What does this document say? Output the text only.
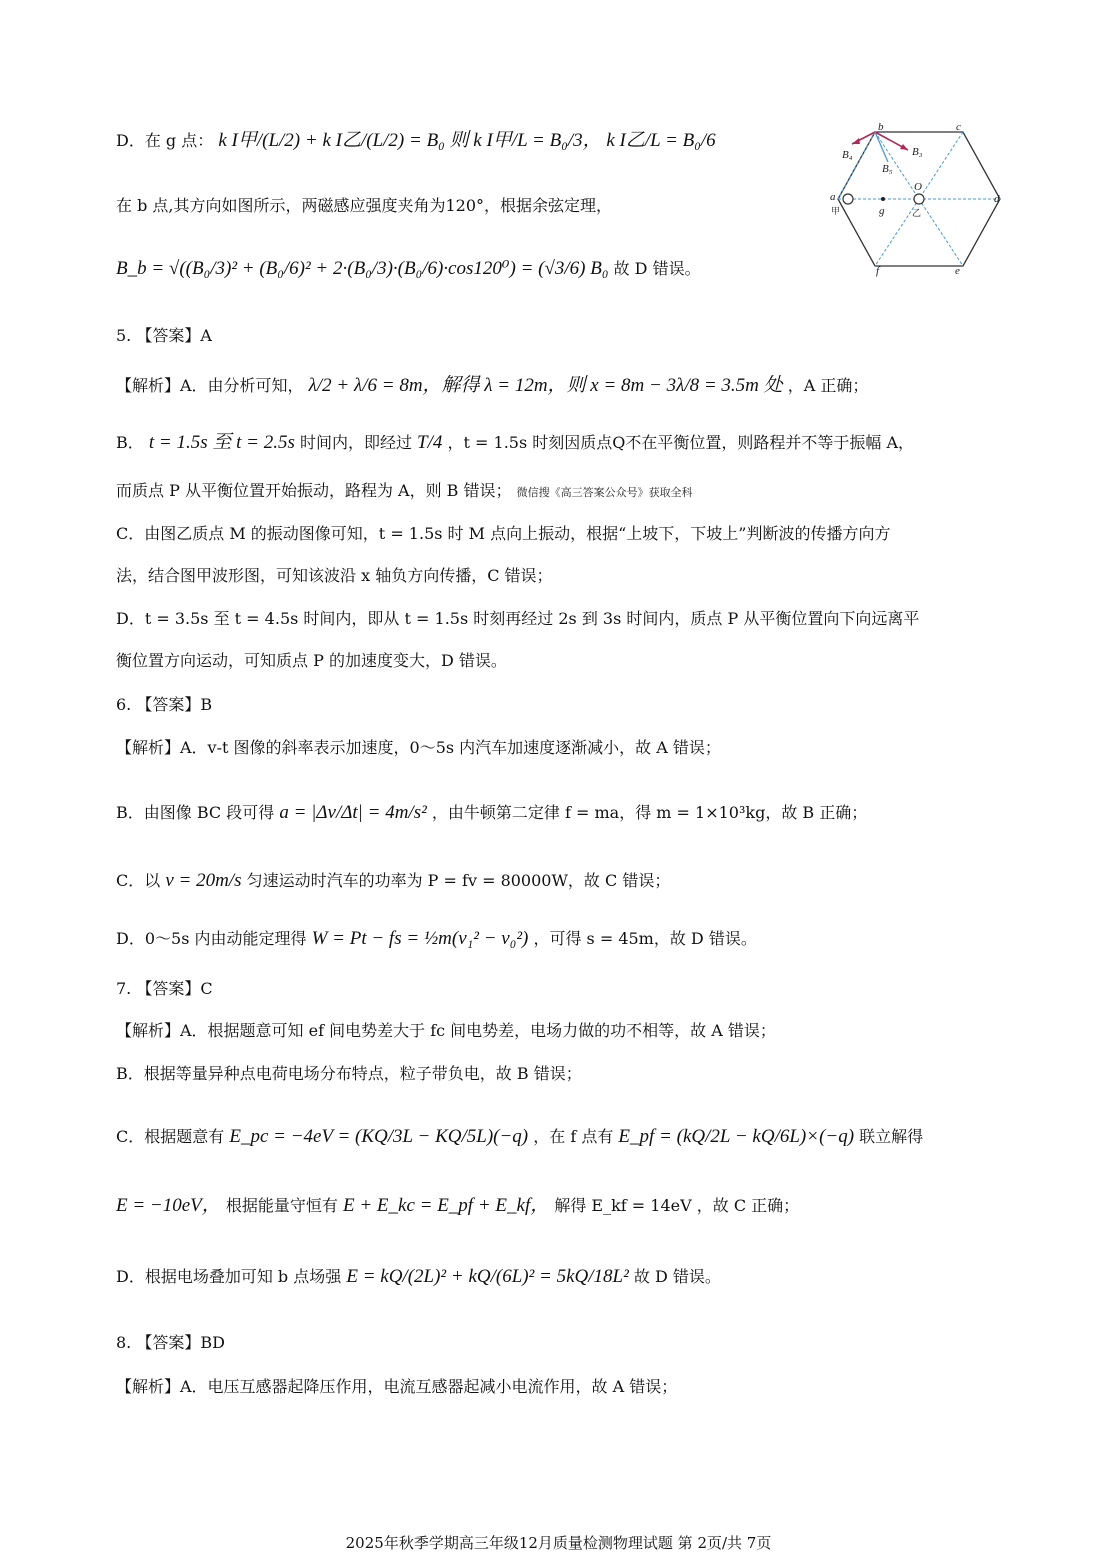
D．在 g 点： k I甲/(L/2) + k I乙/(L/2) = B₀ 则 k I甲/L = B₀/3， k I乙/L = B₀/6
在 b 点,其方向如图所示，两磁感应强度夹角为120°，根据余弦定理，
B_b = √((B₀/3)² + (B₀/6)² + 2·(B₀/3)·(B₀/6)·cos120⁰) = (√3/6) B₀ 故 D 错误。
5. 【答案】A
【解析】A．由分析可知， λ/2 + λ/6 = 8m，解得 λ = 12m，则 x = 8m − 3λ/8 = 3.5m 处 ，A 正确；
B． t = 1.5s 至 t = 2.5s 时间内，即经过 T/4 ，t = 1.5s 时刻因质点Q不在平衡位置，则路程并不等于振幅 A，
而质点 P 从平衡位置开始振动，路程为 A，则 B 错误； 微信搜《高三答案公众号》获取全科
C．由图乙质点 M 的振动图像可知，t = 1.5s 时 M 点向上振动，根据“上坡下，下坡上”判断波的传播方向方
法，结合图甲波形图，可知该波沿 x 轴负方向传播，C 错误；
D．t = 3.5s 至 t = 4.5s 时间内，即从 t = 1.5s 时刻再经过 2s 到 3s 时间内，质点 P 从平衡位置向下向远离平
衡位置方向运动，可知质点 P 的加速度变大，D 错误。
6. 【答案】B
【解析】A．v-t 图像的斜率表示加速度，0～5s 内汽车加速度逐渐减小，故 A 错误；
B．由图像 BC 段可得 a = |Δv/Δt| = 4m/s² ，由牛顿第二定律 f = ma，得 m = 1×10³kg，故 B 正确；
C．以 v = 20m/s 匀速运动时汽车的功率为 P = fv = 80000W，故 C 错误；
D．0～5s 内由动能定理得 W = Pt − fs = ½m(v₁² − v₀²) ，可得 s = 45m，故 D 错误。
7. 【答案】C
【解析】A．根据题意可知 ef 间电势差大于 fc 间电势差，电场力做的功不相等，故 A 错误；
B．根据等量异种点电荷电场分布特点，粒子带负电，故 B 错误；
C．根据题意有 E_pc = −4eV = (KQ/3L − KQ/5L)(−q) ，在 f 点有 E_pf = (kQ/2L − kQ/6L)×(−q) 联立解得
E = −10eV， 根据能量守恒有 E + E_kc = E_pf + E_kf， 解得 E_kf = 14eV ，故 C 正确；
D．根据电场叠加可知 b 点场强 E = kQ/(2L)² + kQ/(6L)² = 5kQ/18L² 故 D 错误。
8. 【答案】BD
【解析】A．电压互感器起降压作用，电流互感器起减小电流作用，故 A 错误；
a
甲
b	c
d
e
f
g
O
乙
B₃
B₄
B₅
2025年秋季学期高三年级12月质量检测物理试题 第 2页/共 7页
